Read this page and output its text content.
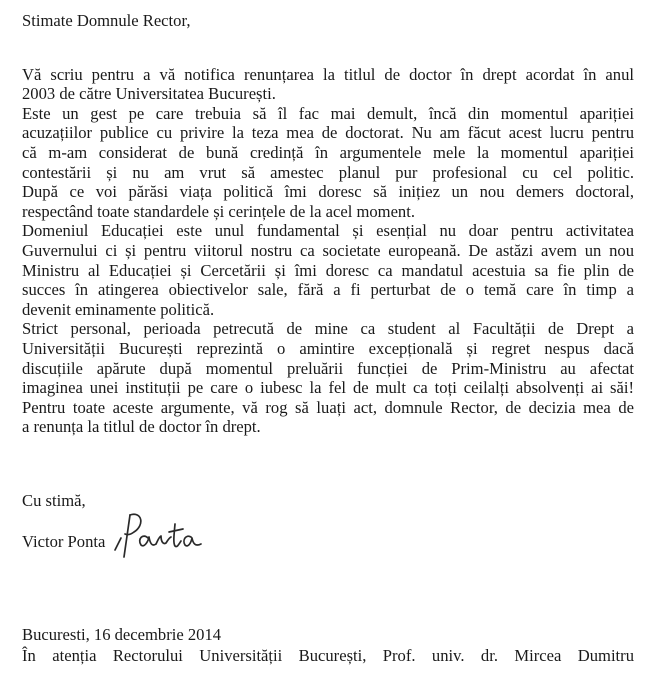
Stimate Domnule Rector,
Vă scriu pentru a vă notifica renunțarea la titlul de doctor în drept acordat în anul
2003 de către Universitatea București.
Este un gest pe care trebuia să îl fac mai demult, încă din momentul apariției
acuzațiilor publice cu privire la teza mea de doctorat. Nu am făcut acest lucru pentru
că m-am considerat de bună credință în argumentele mele la momentul apariției
contestării și nu am vrut să amestec planul pur profesional cu cel politic.
După ce voi părăsi viața politică îmi doresc să inițiez un nou demers doctoral,
respectând toate standardele și cerințele de la acel moment.
Domeniul Educației este unul fundamental și esențial nu doar pentru activitatea
Guvernului ci și pentru viitorul nostru ca societate europeană. De astăzi avem un nou
Ministru al Educației și Cercetării și îmi doresc ca mandatul acestuia sa fie plin de
succes în atingerea obiectivelor sale, fără a fi perturbat de o temă care în timp a
devenit eminamente politică.
Strict personal, perioada petrecută de mine ca student al Facultății de Drept a
Universității București reprezintă o amintire excepțională și regret nespus dacă
discuțiile apărute după momentul preluării funcției de Prim-Ministru au afectat
imaginea unei instituții pe care o iubesc la fel de mult ca toți ceilalți absolvenți ai săi!
Pentru toate aceste argumente, vă rog să luați act, domnule Rector, de decizia mea de
a renunța la titlul de doctor în drept.
Cu stimă,
Victor Ponta
Bucuresti, 16 decembrie 2014
În atenția Rectorului Universității București, Prof. univ. dr. Mircea Dumitru
